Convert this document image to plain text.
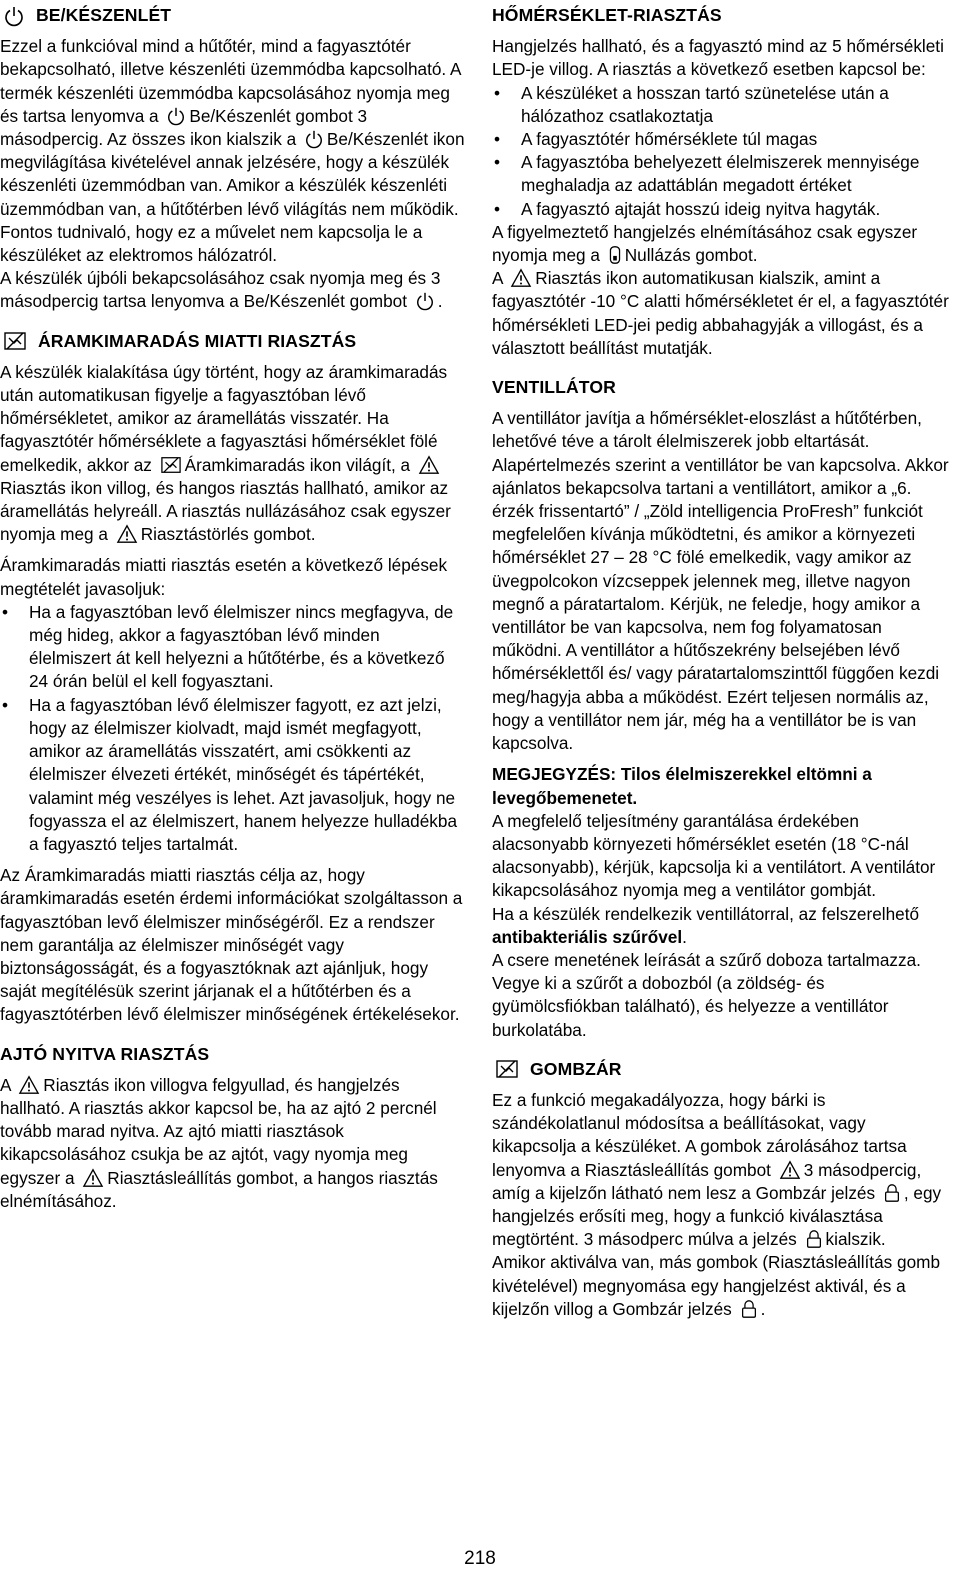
BE/KÉSZENLÉT

Ezzel a funkcióval mind a hűtőtér, mind a fagyasztótér bekapcsolható, illetve készenléti üzemmódba kapcsolható. A termék készenléti üzemmódba kapcsolásához nyomja meg és tartsa lenyomva a Be/Készenlét gombot 3 másodpercig. Az összes ikon kialszik a Be/Készenlét ikon megvilágítása kivételével annak jelzésére, hogy a készülék készenléti üzemmódban van. Amikor a készülék készenléti üzemmódban van, a hűtőtérben lévő világítás nem működik.

Fontos tudnivaló, hogy ez a művelet nem kapcsolja le a készüléket az elektromos hálózatról.

A készülék újbóli bekapcsolásához csak nyomja meg és 3 másodpercig tartsa lenyomva a Be/Készenlét gombot .

ÁRAMKIMARADÁS MIATTI RIASZTÁS

A készülék kialakítása úgy történt, hogy az áramkimaradás után automatikusan figyelje a fagyasztóban lévő hőmérsékletet, amikor az áramellátás visszatér. Ha fagyasztótér hőmérséklete a fagyasztási hőmérséklet fölé emelkedik, akkor az Áramkimaradás ikon világít, a Riasztás ikon villog, és hangos riasztás hallható, amikor az áramellátás helyreáll. A riasztás nullázásához csak egyszer nyomja meg a Riasztástörlés gombot.

Áramkimaradás miatti riasztás esetén a következő lépések megtételét javasoljuk:

• Ha a fagyasztóban levő élelmiszer nincs megfagyva, de még hideg, akkor a fagyasztóban lévő minden élelmiszert át kell helyezni a hűtőtérbe, és a következő 24 órán belül el kell fogyasztani.
• Ha a fagyasztóban lévő élelmiszer fagyott, ez azt jelzi, hogy az élelmiszer kiolvadt, majd ismét megfagyott, amikor az áramellátás visszatért, ami csökkenti az élelmiszer élvezeti értékét, minőségét és tápértékét, valamint még veszélyes is lehet. Azt javasoljuk, hogy ne fogyassza el az élelmiszert, hanem helyezze hulladékba a fagyasztó teljes tartalmát.

Az Áramkimaradás miatti riasztás célja az, hogy áramkimaradás esetén érdemi információkat szolgáltasson a fagyasztóban levő élelmiszer minőségéről. Ez a rendszer nem garantálja az élelmiszer minőségét vagy biztonságosságát, és a fogyasztóknak azt ajánljuk, hogy saját megítélésük szerint járjanak el a hűtőtérben és a fagyasztótérben lévő élelmiszer minőségének értékelésekor.

AJTÓ NYITVA RIASZTÁS

A Riasztás ikon villogva felgyullad, és hangjelzés hallható. A riasztás akkor kapcsol be, ha az ajtó 2 percnél tovább marad nyitva. Az ajtó miatti riasztások kikapcsolásához csukja be az ajtót, vagy nyomja meg egyszer a Riasztásleállítás gombot, a hangos riasztás elnémításához.

HŐMÉRSÉKLET-RIASZTÁS

Hangjelzés hallható, és a fagyasztó mind az 5 hőmérsékleti LED-je villog. A riasztás a következő esetben kapcsol be:

• A készüléket a hosszan tartó szünetelése után a hálózathoz csatlakoztatja
• A fagyasztótér hőmérséklete túl magas
• A fagyasztóba behelyezett élelmiszerek mennyisége meghaladja az adattáblán megadott értéket
• A fagyasztó ajtaját hosszú ideig nyitva hagyták.

A figyelmeztető hangjelzés elnémításához csak egyszer nyomja meg a Nullázás gombot.

A Riasztás ikon automatikusan kialszik, amint a fagyasztótér -10 °C alatti hőmérsékletet ér el, a fagyasztótér hőmérsékleti LED-jei pedig abbahagyják a villogást, és a választott beállítást mutatják.

VENTILLÁTOR

A ventillátor javítja a hőmérséklet-eloszlást a hűtőtérben, lehetővé téve a tárolt élelmiszerek jobb eltartását. Alapértelmezés szerint a ventillátor be van kapcsolva. Akkor ajánlatos bekapcsolva tartani a ventillátort, amikor a „6. érzék frissentartó” / „Zöld intelligencia ProFresh” funkciót megfelelően kívánja működtetni, és amikor a környezeti hőmérséklet 27 – 28 °C fölé emelkedik, vagy amikor az üvegpolcokon vízcseppek jelennek meg, illetve nagyon megnő a páratartalom. Kérjük, ne feledje, hogy amikor a ventillátor be van kapcsolva, nem fog folyamatosan működni. A ventillátor a hűtőszekrény belsejében lévő hőmérséklettől és/ vagy páratartalomszinttől függően kezdi meg/hagyja abba a működést. Ezért teljesen normális az, hogy a ventillátor nem jár, még ha a ventillátor be is van kapcsolva.

MEGJEGYZÉS: Tilos élelmiszerekkel eltömni a levegőbemenetet.

A megfelelő teljesítmény garantálása érdekében alacsonyabb környezeti hőmérséklet esetén (18 °C-nál alacsonyabb), kérjük, kapcsolja ki a ventilátort. A ventilátor kikapcsolásához nyomja meg a ventilátor gombját.

Ha a készülék rendelkezik ventillátorral, az felszerelhető antibakteriális szűrővel.

A csere menetének leírását a szűrő doboza tartalmazza.

Vegye ki a szűrőt a dobozból (a zöldség- és gyümölcsfiókban található), és helyezze a ventillátor burkolatába.

GOMBZÁR

Ez a funkció megakadályozza, hogy bárki is szándékolatlanul módosítsa a beállításokat, vagy kikapcsolja a készüléket. A gombok zárolásához tartsa lenyomva a Riasztásleállítás gombot 3 másodpercig, amíg a kijelzőn látható nem lesz a Gombzár jelzés , egy hangjelzés erősíti meg, hogy a funkció kiválasztása megtörtént. 3 másodperc múlva a jelzés kialszik.

Amikor aktiválva van, más gombok (Riasztásleállítás gomb kivételével) megnyomása egy hangjelzést aktivál, és a kijelzőn villog a Gombzár jelzés .

218
